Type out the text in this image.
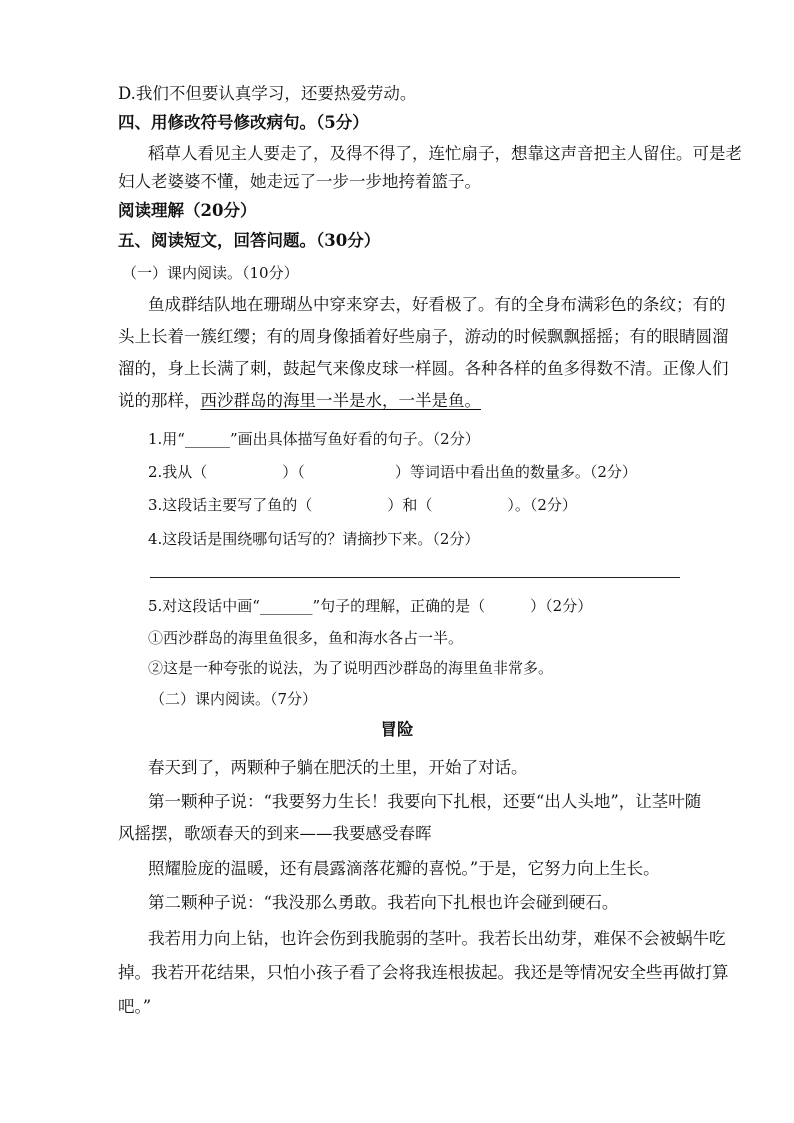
D.我们不但要认真学习，还要热爱劳动。
四、用修改符号修改病句。（5分）
稻草人看见主人要走了，及得不得了，连忙扇子，想靠这声音把主人留住。可是老
妇人老婆婆不懂，她走远了一步一步地挎着篮子。
阅读理解（20分）
五、阅读短文，回答问题。（30分）
（一）课内阅读。（10分）
鱼成群结队地在珊瑚丛中穿来穿去，好看极了。有的全身布满彩色的条纹；有的
头上长着一簇红缨；有的周身像插着好些扇子，游动的时候飘飘摇摇；有的眼睛圆溜
溜的，身上长满了刺，鼓起气来像皮球一样圆。各种各样的鱼多得数不清。正像人们
说的那样，西沙群岛的海里一半是水，一半是鱼。
1.用“______”画出具体描写鱼好看的句子。（2分）
2.我从（　　　　　）（　　　　　　）等词语中看出鱼的数量多。（2分）
3.这段话主要写了鱼的（　　　　　）和（　　　　　）。（2分）
4.这段话是围绕哪句话写的？请摘抄下来。（2分）
5.对这段话中画“_______”句子的理解，正确的是（　　　）（2分）
①西沙群岛的海里鱼很多，鱼和海水各占一半。
②这是一种夸张的说法，为了说明西沙群岛的海里鱼非常多。
（二）课内阅读。（7分）
冒险
春天到了，两颗种子躺在肥沃的土里，开始了对话。
第一颗种子说：“我要努力生长！我要向下扎根，还要“出人头地”，让茎叶随
风摇摆，歌颂春天的到来——我要感受春晖
照耀脸庞的温暖，还有晨露滴落花瓣的喜悦。”于是，它努力向上生长。
第二颗种子说：“我没那么勇敢。我若向下扎根也许会碰到硬石。
我若用力向上钻，也许会伤到我脆弱的茎叶。我若长出幼芽，难保不会被蜗牛吃
掉。我若开花结果，只怕小孩子看了会将我连根拔起。我还是等情况安全些再做打算
吧。”
